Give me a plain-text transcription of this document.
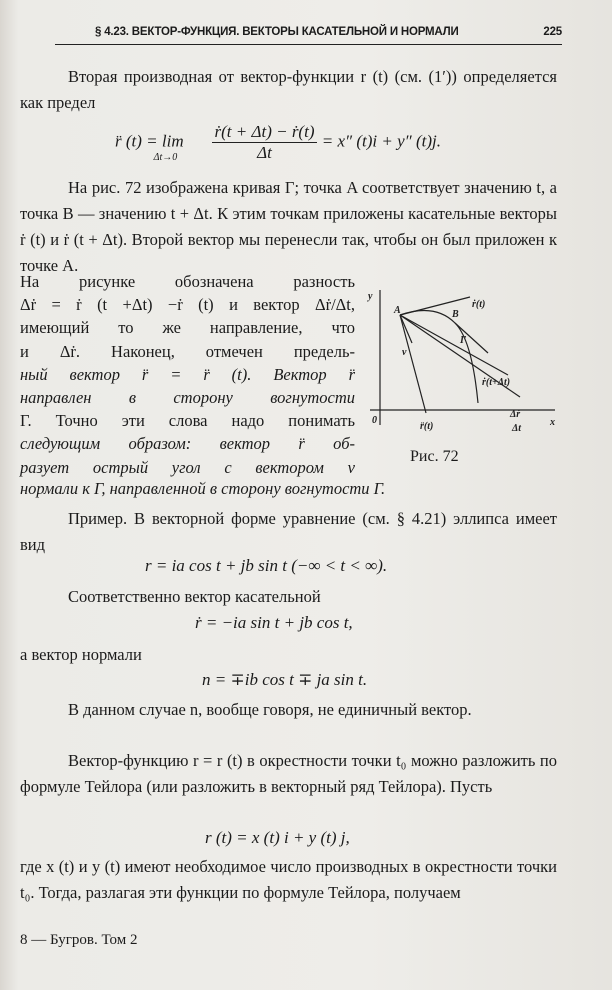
§ 4.23. ВЕКТОР-ФУНКЦИЯ. ВЕКТОРЫ КАСАТЕЛЬНОЙ И НОРМАЛИ	225

Вторая производная от вектор-функции r (t) (см. (1′)) определяется как предел

r̈ $(t) = \lim_{\Delta t\to 0} \frac{\text{ṙ(t + Δt) − ṙ(t)}}{\Delta t} = x''$ (t)i + y″ (t)j.

На рис. 72 изображена кривая Γ; точка A соответствует значению t, а точка B — значению t + Δt. К этим точкам приложены касательные векторы ṙ (t) и ṙ (t + Δt). Второй вектор мы перенесли так, чтобы он был приложен к точке A.

На рисунке обозначена разность
Δṙ = ṙ (t +Δt) −ṙ (t) и вектор Δṙ/Δt,
имеющий то же направление, что
и Δṙ. Наконец, отмечен предель-
ный вектор r̈ = r̈ (t). Вектор r̈
направлен в сторону вогнутости
Γ. Точно эти слова надо понимать
следующим образом: вектор r̈ об-
разует острый угол с вектором ν

нормали к Γ, направленной в сторону вогнутости Γ.

y
x
0
A	B
Γ
ν
ṙ(t)
ṙ(t+Δt)
r̈(t)
Δṙ
Δt
Рис. 72

Пример. В векторной форме уравнение (см. § 4.21) эллипса имеет вид

r = ia cos t + jb sin t (−∞ < t < ∞).

Соответственно вектор касательной

ṙ = −ia sin t + jb cos t,

а вектор нормали

n = ∓ib cos t ∓ ja sin t.

В данном случае n, вообще говоря, не единичный вектор.

Вектор-функцию r = r (t) в окрестности точки t₀ можно разложить по формуле Тейлора (или разложить в векторный ряд Тейлора). Пусть

r (t) = x (t) i + y (t) j,

где x (t) и y (t) имеют необходимое число производных в окрестности точки t₀. Тогда, разлагая эти функции по формуле Тейлора, получаем

8 — Бугров. Том 2
